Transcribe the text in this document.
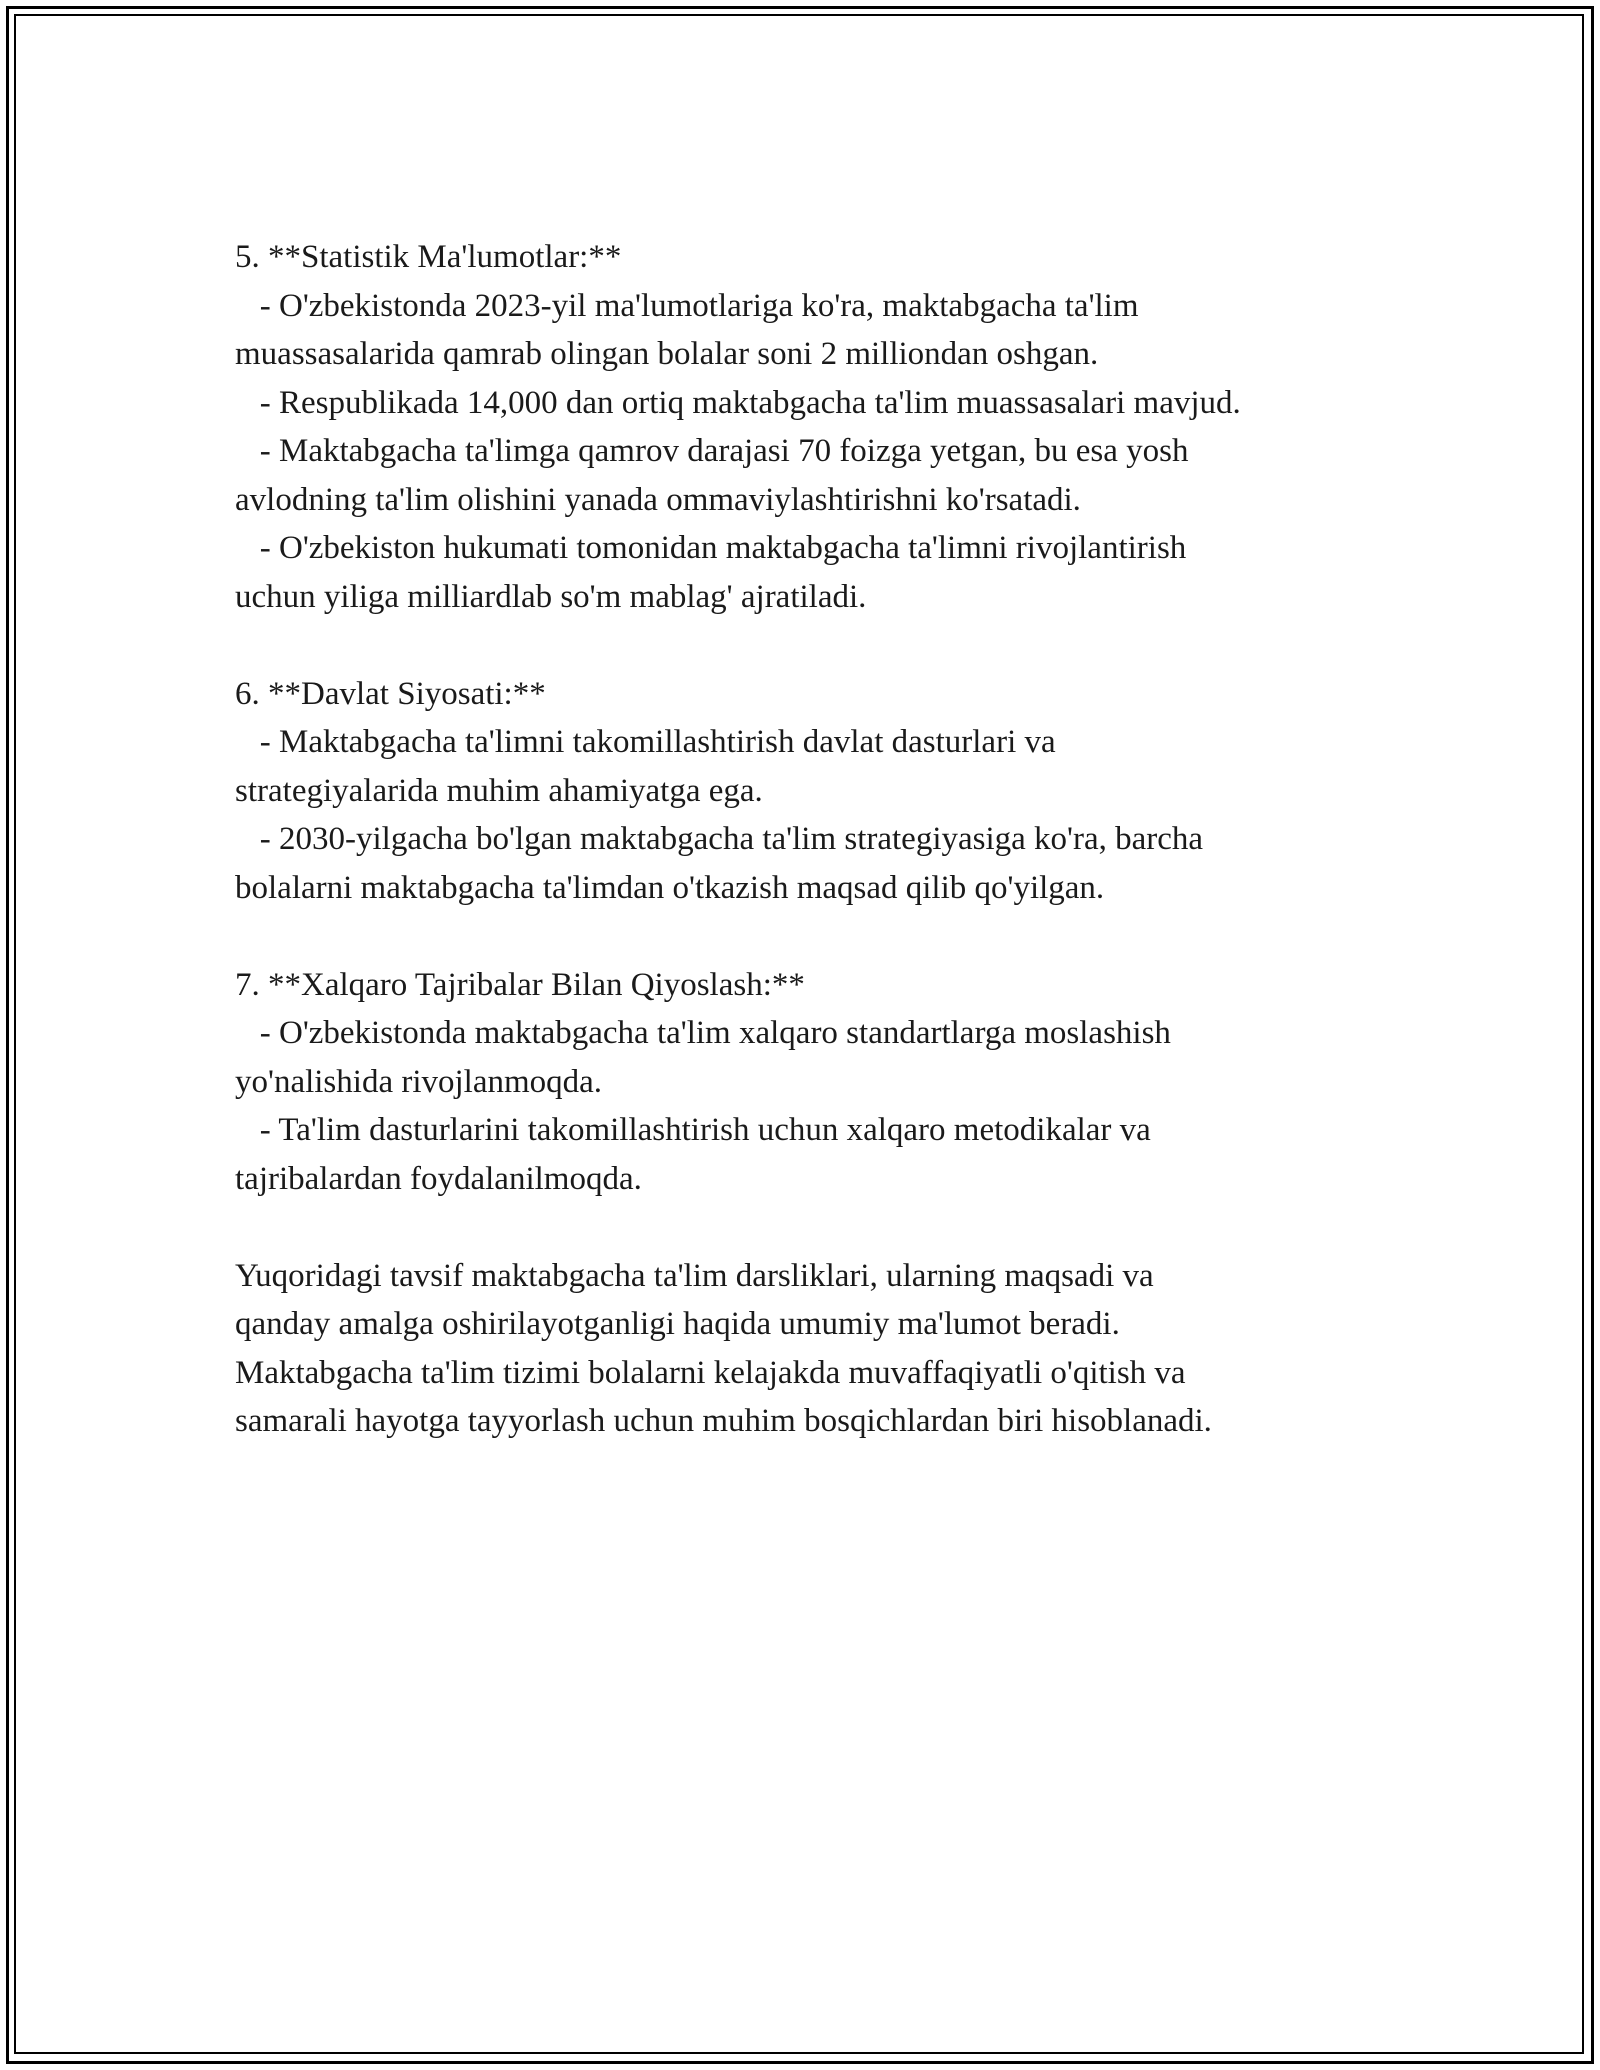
5. **Statistik Ma'lumotlar:**

- O'zbekistonda 2023-yil ma'lumotlariga ko'ra, maktabgacha ta'lim

muassasalarida qamrab olingan bolalar soni 2 milliondan oshgan.

- Respublikada 14,000 dan ortiq maktabgacha ta'lim muassasalari mavjud.

- Maktabgacha ta'limga qamrov darajasi 70 foizga yetgan, bu esa yosh

avlodning ta'lim olishini yanada ommaviylashtirishni ko'rsatadi.

- O'zbekiston hukumati tomonidan maktabgacha ta'limni rivojlantirish

uchun yiliga milliardlab so'm mablag' ajratiladi.

6. **Davlat Siyosati:**

- Maktabgacha ta'limni takomillashtirish davlat dasturlari va

strategiyalarida muhim ahamiyatga ega.

- 2030-yilgacha bo'lgan maktabgacha ta'lim strategiyasiga ko'ra, barcha

bolalarni maktabgacha ta'limdan o'tkazish maqsad qilib qo'yilgan.

7. **Xalqaro Tajribalar Bilan Qiyoslash:**

- O'zbekistonda maktabgacha ta'lim xalqaro standartlarga moslashish

yo'nalishida rivojlanmoqda.

- Ta'lim dasturlarini takomillashtirish uchun xalqaro metodikalar va

tajribalardan foydalanilmoqda.

Yuqoridagi tavsif maktabgacha ta'lim darsliklari, ularning maqsadi va

qanday amalga oshirilayotganligi haqida umumiy ma'lumot beradi.

Maktabgacha ta'lim tizimi bolalarni kelajakda muvaffaqiyatli o'qitish va

samarali hayotga tayyorlash uchun muhim bosqichlardan biri hisoblanadi.
